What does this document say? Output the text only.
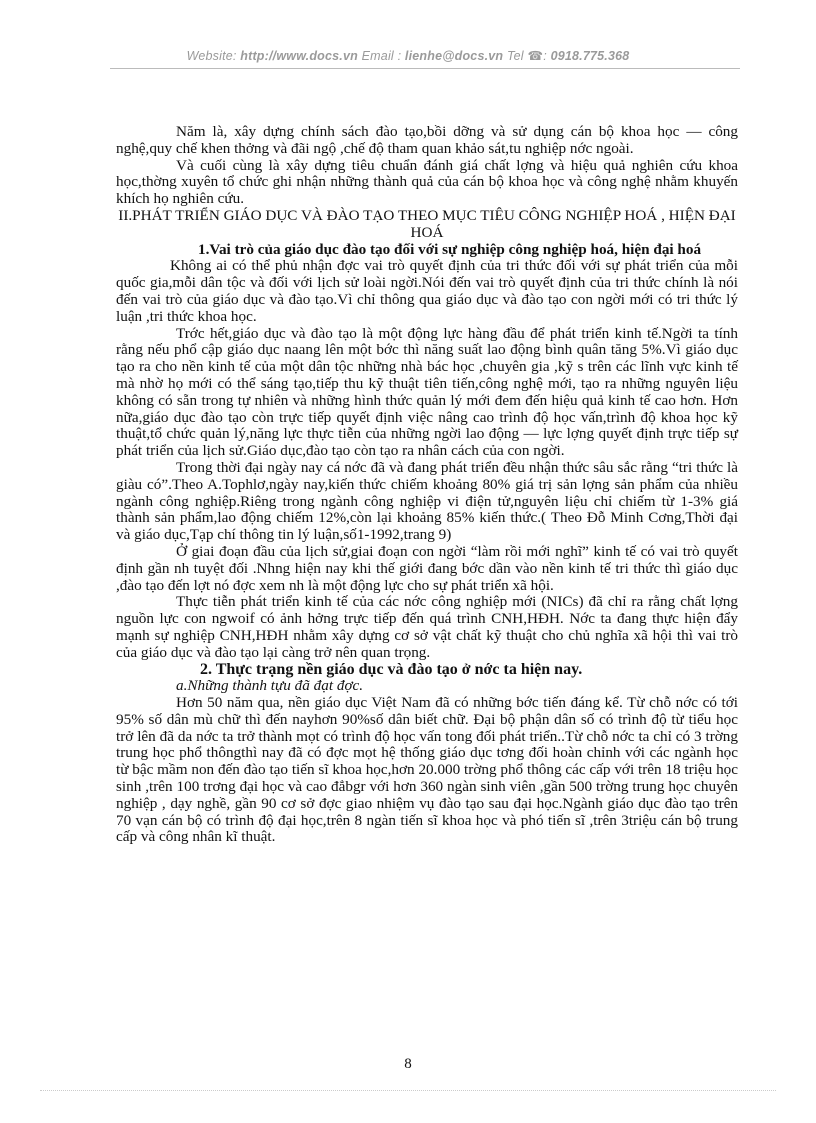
Website: http://www.docs.vn Email : lienhe@docs.vn Tel ☎: 0918.775.368

Năm là, xây dựng chính sách đào tạo,bồi dỡng và sử dụng cán bộ khoa học — công nghệ,quy chế khen thởng và đãi ngộ ,chế độ tham quan khảo sát,tu nghiệp nớc ngoài.

Và cuối cùng là xây dựng tiêu chuẩn đánh giá chất lợng và hiệu quả nghiên cứu khoa học,thờng xuyên tổ chức ghi nhận những thành quả của cán bộ khoa học và công nghệ nhằm khuyến khích họ nghiên cứu.

II.PHÁT TRIỂN GIÁO DỤC VÀ ĐÀO TẠO THEO MỤC TIÊU CÔNG NGHIỆP HOÁ , HIỆN ĐẠI HOÁ

1.Vai trò của giáo dục đào tạo đối với sự nghiệp công nghiệp hoá, hiện đại hoá

Không ai có thể phủ nhận đợc vai trò quyết định của tri thức đối với sự phát triển của mỗi quốc gia,mỗi dân tộc và đối với lịch sử loài ngời.Nói đến vai trò quyết định của tri thức chính là nói đến vai trò của giáo dục và đào tạo.Vì chỉ thông qua giáo dục và đào tạo con ngời mới có tri thức lý luận ,tri thức khoa học.

Trớc hết,giáo dục và đào tạo là một động lực hàng đầu để phát triển kinh tế.Ngời ta tính rằng nếu phổ cập giáo dục naang lên một bớc thì năng suất lao động bình quân tăng 5%.Vì giáo dục tạo ra cho nền kinh tế của một dân tộc những nhà bác học ,chuyên gia ,kỹ s trên các lĩnh vực kinh tế mà nhờ họ mới có thể sáng tạo,tiếp thu kỹ thuật tiên tiến,công nghệ mới, tạo ra những nguyên liệu không có sẵn trong tự nhiên và những hình thức quản lý mới đem đến hiệu quả kinh tế cao hơn. Hơn nữa,giáo dục đào tạo còn trực tiếp quyết định việc nâng cao trình độ học vấn,trình độ khoa học kỹ thuật,tổ chức quản lý,năng lực thực tiễn của những ngời lao động — lực lợng quyết định trực tiếp sự phát triển của lịch sử.Giáo dục,đào tạo còn tạo ra nhân cách của con ngời.

Trong thời đại ngày nay cá nớc đã và đang phát triển đều nhận thức sâu sắc rằng “tri thức là giàu có”.Theo A.Tophlơ,ngày nay,kiến thức chiếm khoảng 80% giá trị sản lợng sản phẩm của nhiều ngành công nghiệp.Riêng trong ngành công nghiệp vi điện tử,nguyên liệu chỉ chiếm từ 1-3% giá thành sản phẩm,lao động chiếm 12%,còn lại khoảng 85% kiến thức.( Theo Đỗ Minh Cơng,Thời đại và giáo dục,Tạp chí thông tin lý luận,số1-1992,trang 9)

Ở giai đoạn đầu của lịch sử,giai đoạn con ngời “làm rồi mới nghĩ” kinh tế có vai trò quyết định gần nh tuyệt đối .Nhng hiện nay khi thế giới đang bớc dần vào nền kinh tế tri thức thì giáo dục ,đào tạo đến lợt nó đợc xem nh là một động lực cho sự phát triển xã hội.

Thực tiễn phát triển kinh tế của các nớc công nghiệp mới (NICs) đã chỉ ra rằng chất lợng nguồn lực con ngwoif có ảnh hởng trực tiếp đến quá trình CNH,HĐH. Nớc ta đang thực hiện đẩy mạnh sự nghiệp CNH,HĐH nhằm xây dựng cơ sở vật chất kỹ thuật cho chủ nghĩa xã hội thì vai trò của giáo dục và đào tạo lại càng trở nên quan trọng.

2. Thực trạng nền giáo dục và đào tạo ở nớc ta hiện nay.

a.Những thành tựu đã đạt đợc.

Hơn 50 năm qua, nền giáo dục Việt Nam đã có những bớc tiến đáng kể. Từ chỗ nớc có tới 95% số dân mù chữ thì đến nayhơn 90%số dân biết chữ. Đại bộ phận dân số có trình độ từ tiểu học trở lên đã da nớc ta trở thành mọt có trình độ học vấn tong đối phát triển..Từ chỗ nớc ta chỉ có 3 trờng trung học phổ thôngthì nay đã có đợc mọt hệ thống giáo dục tơng đối hoàn chỉnh với các ngành học từ bậc mầm non đến đào tạo tiến sĩ khoa học,hơn 20.000 trờng phổ thông các cấp với trên 18 triệu học sinh ,trên 100 trơng đại học và cao đẳbgr với hơn 360 ngàn sinh viên ,gần 500 trờng trung học chuyên nghiệp , dạy nghề, gần 90 cơ sở đợc giao nhiệm vụ đào tạo sau đại học.Ngành giáo dục đào tạo trên 70 vạn cán bộ có trình độ đại học,trên 8 ngàn tiến sĩ khoa học và phó tiến sĩ ,trên 3triệu cán bộ trung cấp và công nhân kĩ thuật.

8
